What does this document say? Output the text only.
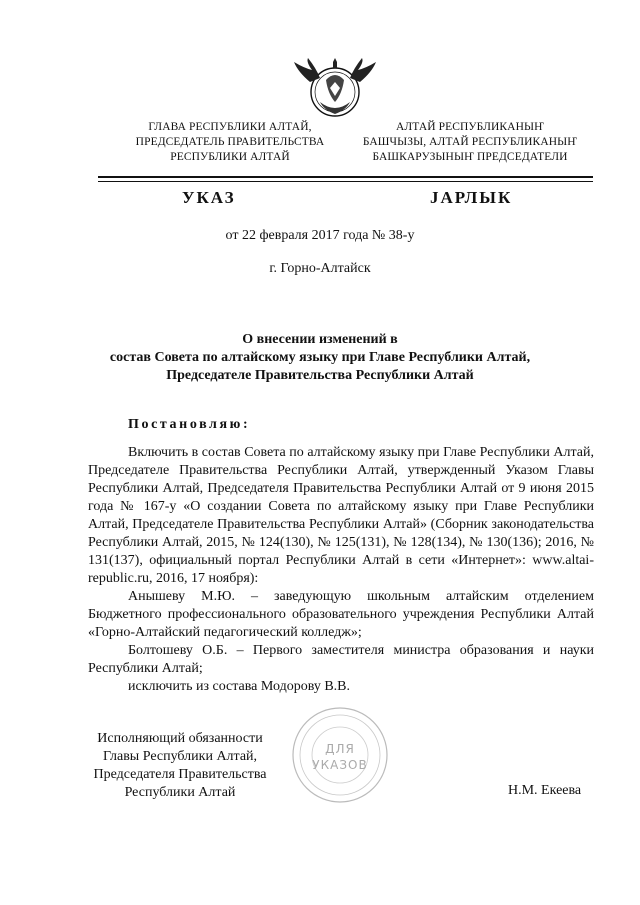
ГЛАВА РЕСПУБЛИКИ АЛТАЙ,
ПРЕДСЕДАТЕЛЬ ПРАВИТЕЛЬСТВА
РЕСПУБЛИКИ АЛТАЙ
АЛТАЙ РЕСПУБЛИКАНЫҤ
БАШЧЫЗЫ, АЛТАЙ РЕСПУБЛИКАНЫҤ
БАШКАРУЗЫНЫҤ ПРЕДСЕДАТЕЛИ
УКАЗ	JАРЛЫК
от 22 февраля 2017 года № 38-у
г. Горно-Алтайск
О внесении изменений в
состав Совета по алтайскому языку при Главе Республики Алтай,
Председателе Правительства Республики Алтай
Постановляю:

Включить в состав Совета по алтайскому языку при Главе Республики Алтай, Председателе Правительства Республики Алтай, утвержденный Указом Главы Республики Алтай, Председателя Правительства Республики Алтай от 9 июня 2015 года № 167-у «О создании Совета по алтайскому языку при Главе Республики Алтай, Председателе Правительства Республики Алтай» (Сборник законодательства Республики Алтай, 2015, № 124(130), № 125(131), № 128(134), № 130(136); 2016, № 131(137), официальный портал Республики Алтай в сети «Интернет»: www.altai-republic.ru, 2016, 17 ноября):

Анышеву М.Ю. – заведующую школьным алтайским отделением Бюджетного профессионального образовательного учреждения Республики Алтай «Горно-Алтайский педагогический колледж»;

Болтошеву О.Б. – Первого заместителя министра образования и науки Республики Алтай;

исключить из состава Модорову В.В.

ДЛЯ
УКАЗОВ
Исполняющий обязанности
Главы Республики Алтай,
Председателя Правительства
Республики Алтай	Н.М. Екеева
